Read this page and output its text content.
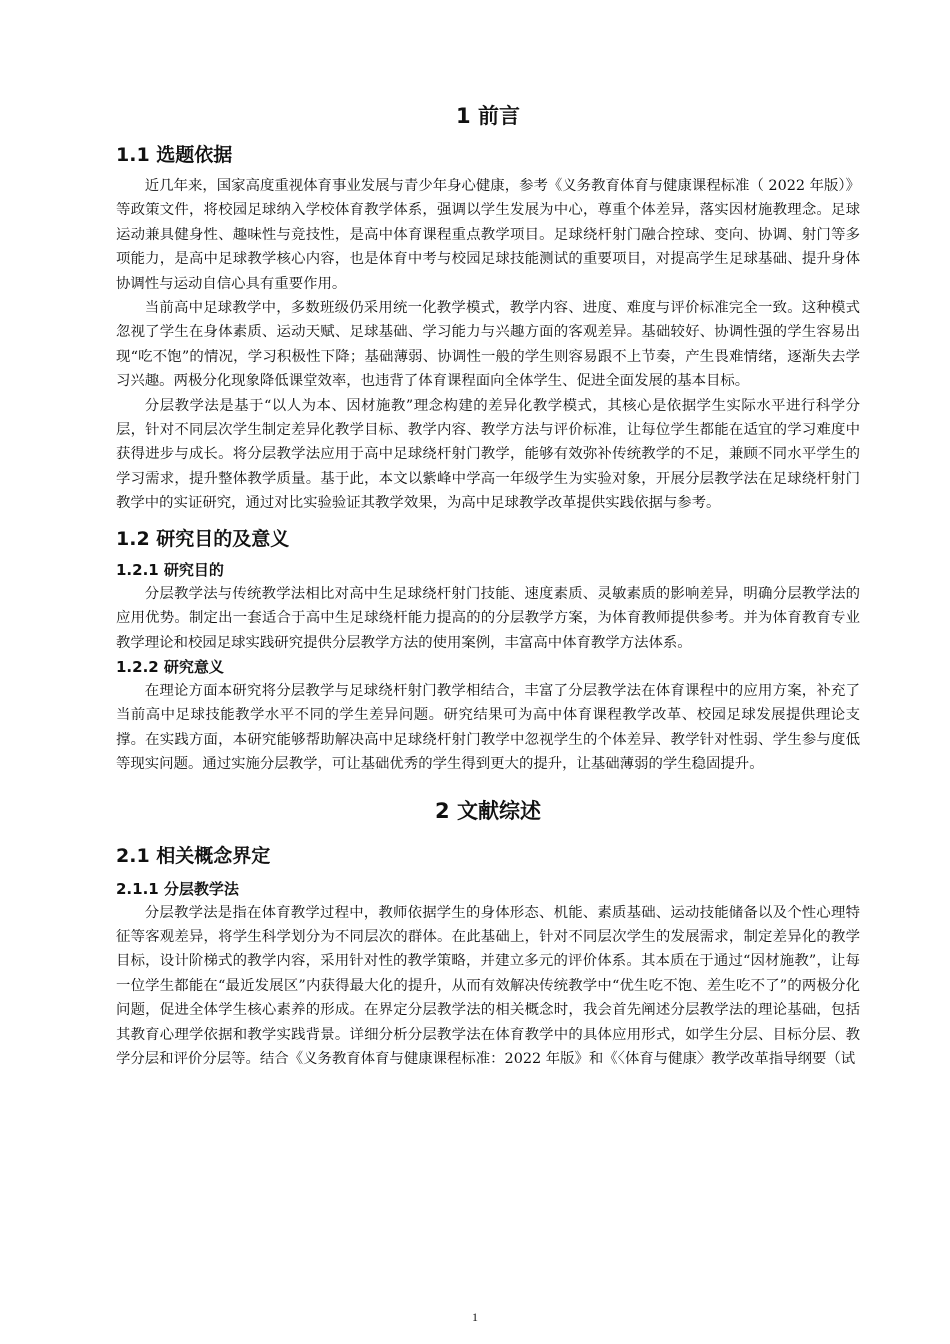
1 前言
1.1 选题依据

近几年来，国家高度重视体育事业发展与青少年身心健康，参考《义务教育体育与健康课程标准（ 2022 年版）》等政策文件，将校园足球纳入学校体育教学体系，强调以学生发展为中心，尊重个体差异，落实因材施教理念。足球运动兼具健身性、趣味性与竞技性，是高中体育课程重点教学项目。足球绕杆射门融合控球、变向、协调、射门等多项能力，是高中足球教学核心内容，也是体育中考与校园足球技能测试的重要项目，对提高学生足球基础、提升身体协调性与运动自信心具有重要作用。

当前高中足球教学中，多数班级仍采用统一化教学模式，教学内容、进度、难度与评价标准完全一致。这种模式忽视了学生在身体素质、运动天赋、足球基础、学习能力与兴趣方面的客观差异。基础较好、协调性强的学生容易出现“吃不饱”的情况，学习积极性下降；基础薄弱、协调性一般的学生则容易跟不上节奏，产生畏难情绪，逐渐失去学习兴趣。两极分化现象降低课堂效率，也违背了体育课程面向全体学生、促进全面发展的基本目标。

分层教学法是基于“以人为本、因材施教”理念构建的差异化教学模式，其核心是依据学生实际水平进行科学分层，针对不同层次学生制定差异化教学目标、教学内容、教学方法与评价标准，让每位学生都能在适宜的学习难度中获得进步与成长。将分层教学法应用于高中足球绕杆射门教学，能够有效弥补传统教学的不足，兼顾不同水平学生的学习需求，提升整体教学质量。基于此，本文以紫峰中学高一年级学生为实验对象，开展分层教学法在足球绕杆射门教学中的实证研究，通过对比实验验证其教学效果，为高中足球教学改革提供实践依据与参考。

1.2 研究目的及意义
1.2.1 研究目的

分层教学法与传统教学法相比对高中生足球绕杆射门技能、速度素质、灵敏素质的影响差异，明确分层教学法的应用优势。制定出一套适合于高中生足球绕杆能力提高的的分层教学方案，为体育教师提供参考。并为体育教育专业教学理论和校园足球实践研究提供分层教学方法的使用案例，丰富高中体育教学方法体系。

1.2.2 研究意义

在理论方面本研究将分层教学与足球绕杆射门教学相结合，丰富了分层教学法在体育课程中的应用方案，补充了当前高中足球技能教学水平不同的学生差异问题。研究结果可为高中体育课程教学改革、校园足球发展提供理论支撑。在实践方面，本研究能够帮助解决高中足球绕杆射门教学中忽视学生的个体差异、教学针对性弱、学生参与度低等现实问题。通过实施分层教学，可让基础优秀的学生得到更大的提升，让基础薄弱的学生稳固提升。

2 文献综述
2.1 相关概念界定
2.1.1 分层教学法

分层教学法是指在体育教学过程中，教师依据学生的身体形态、机能、素质基础、运动技能储备以及个性心理特征等客观差异，将学生科学划分为不同层次的群体。在此基础上，针对不同层次学生的发展需求，制定差异化的教学目标，设计阶梯式的教学内容，采用针对性的教学策略，并建立多元的评价体系。其本质在于通过“因材施教”，让每一位学生都能在“最近发展区”内获得最大化的提升，从而有效解决传统教学中“优生吃不饱、差生吃不了”的两极分化问题，促进全体学生核心素养的形成。在界定分层教学法的相关概念时，我会首先阐述分层教学法的理论基础，包括其教育心理学依据和教学实践背景。详细分析分层教学法在体育教学中的具体应用形式，如学生分层、目标分层、教学分层和评价分层等。结合《义务教育体育与健康课程标准：2022 年版》和《〈体育与健康〉教学改革指导纲要（试

1
